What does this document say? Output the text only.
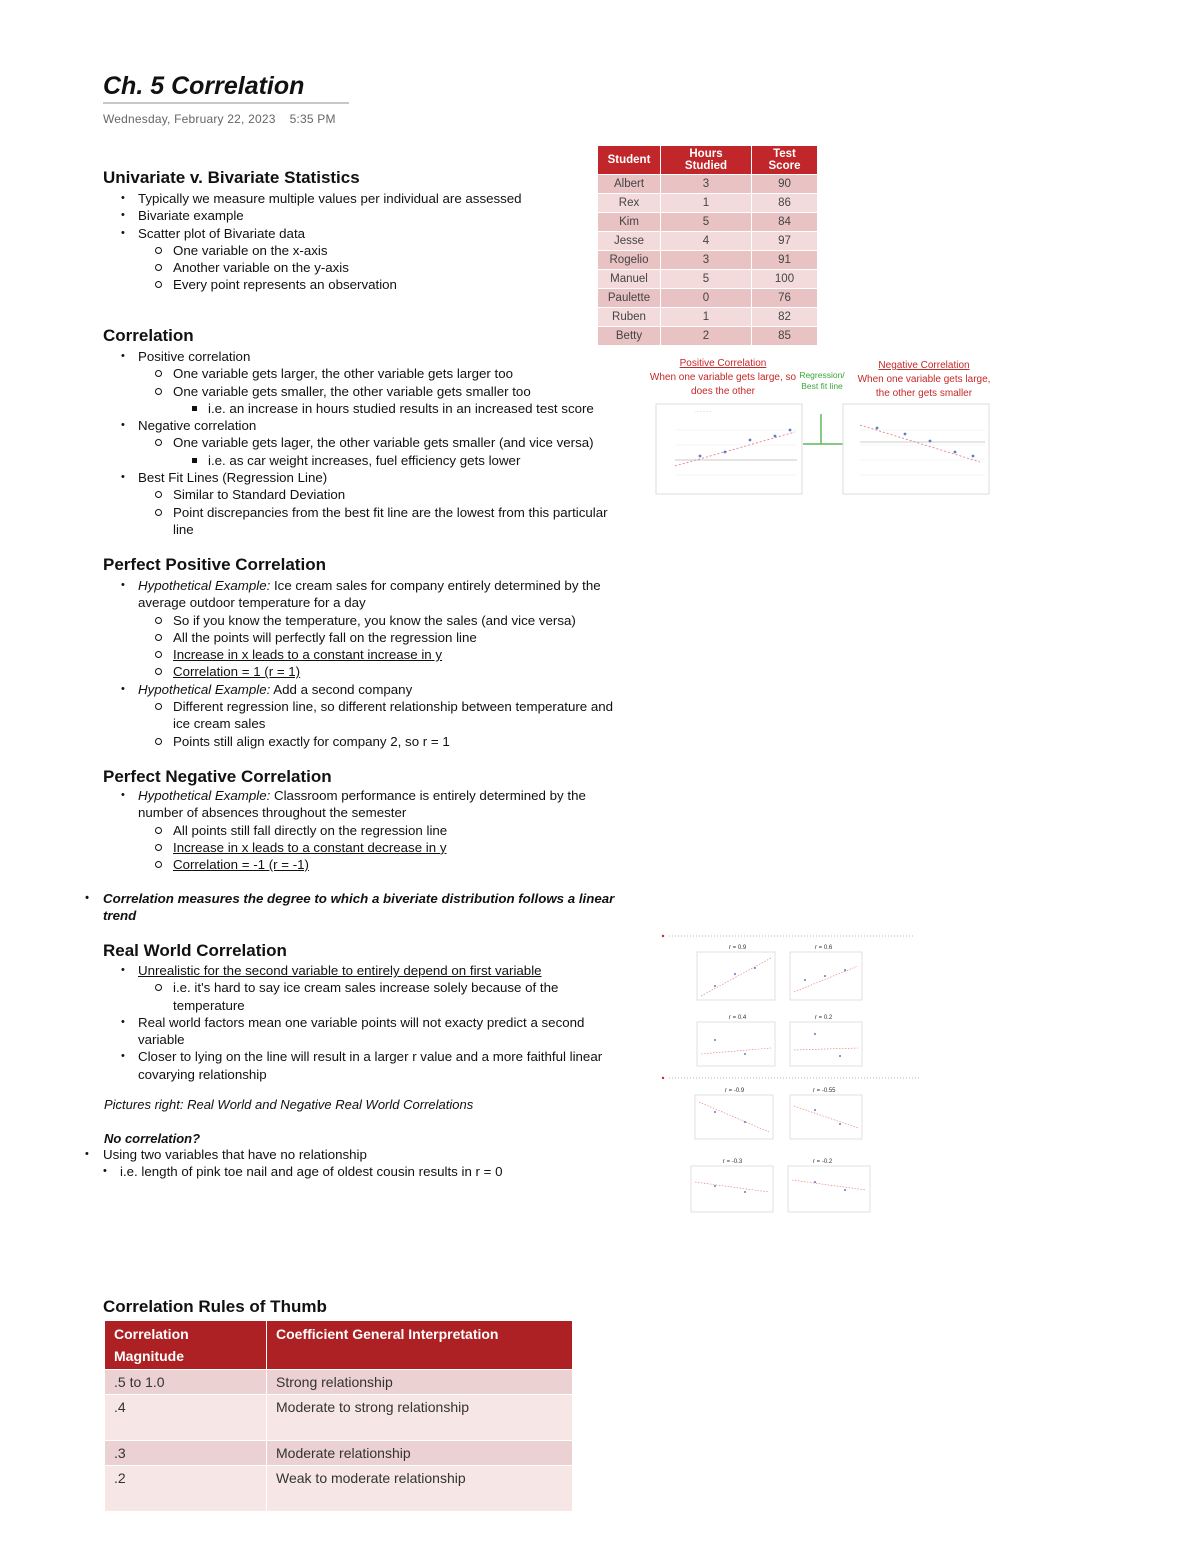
Ch. 5 Correlation
Wednesday, February 22, 2023 5:35 PM
Univariate v. Bivariate Statistics
• Typically we measure multiple values per individual are assessed
• Bivariate example
• Scatter plot of Bivariate data
One variable on the x-axis
Another variable on the y-axis
Every point represents an observation
Correlation
• Positive correlation
One variable gets larger, the other variable gets larger too
One variable gets smaller, the other variable gets smaller too
i.e. an increase in hours studied results in an increased test score
• Negative correlation
One variable gets lager, the other variable gets smaller (and vice versa)
i.e. as car weight increases, fuel efficiency gets lower
• Best Fit Lines (Regression Line)
Similar to Standard Deviation
Point discrepancies from the best fit line are the lowest from this particular line
Perfect Positive Correlation
• Hypothetical Example: Ice cream sales for company entirely determined by the average outdoor temperature for a day
So if you know the temperature, you know the sales (and vice versa)
All the points will perfectly fall on the regression line
Increase in x leads to a constant increase in y
Correlation = 1 (r = 1)
• Hypothetical Example: Add a second company
Different regression line, so different relationship between temperature and ice cream sales
Points still align exactly for company 2, so r = 1
Perfect Negative Correlation
• Hypothetical Example: Classroom performance is entirely determined by the number of absences throughout the semester
All points still fall directly on the regression line
Increase in x leads to a constant decrease in y
Correlation = -1 (r = -1)
• Correlation measures the degree to which a biveriate distribution follows a linear trend
Real World Correlation
• Unrealistic for the second variable to entirely depend on first variable
i.e. it's hard to say ice cream sales increase solely because of the temperature
• Real world factors mean one variable points will not exacty predict a second variable
• Closer to lying on the line will result in a larger r value and a more faithful linear covarying relationship
Pictures right: Real World and Negative Real World Correlations
No correlation?
• Using two variables that have no relationship
• i.e. length of pink toe nail and age of oldest cousin results in r = 0
Student	Hours Studied	Test Score
Albert	3	90
Rex	1	86
Kim	5	84
Jesse	4	97
Rogelio	3	91
Manuel	5	100
Paulette	0	76
Ruben	1	82
Betty	2	85
Positive Correlation
When one variable gets large, so does the other
Regression/ Best fit line
Negative Correlation
When one variable gets large, the other gets smaller
···········
r = 0.9	r = 0.6
r = 0.4	r = 0.2
r = -0.9	r = -0.55
r = -0.3	r = -0.2
Correlation Rules of Thumb
Correlation Magnitude	Coefficient General Interpretation
.5 to 1.0	Strong relationship
.4	Moderate to strong relationship
.3	Moderate relationship
.2	Weak to moderate relationship
